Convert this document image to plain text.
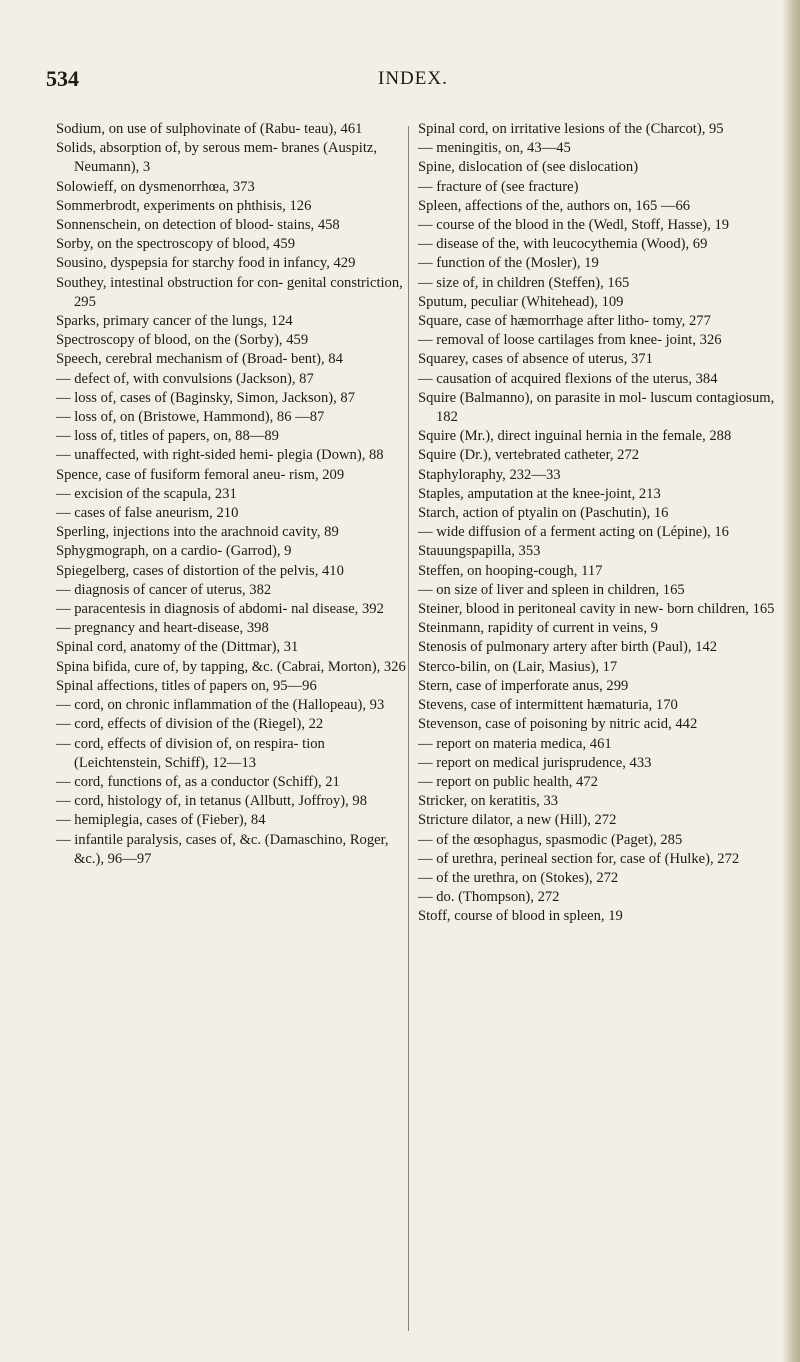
534	INDEX.

Sodium, on use of sulphovinate of (Rabu- teau), 461

Solids, absorption of, by serous mem- branes (Auspitz, Neumann), 3

Solowieff, on dysmenorrhœa, 373

Sommerbrodt, experiments on phthisis, 126

Sonnenschein, on detection of blood- stains, 458

Sorby, on the spectroscopy of blood, 459

Sousino, dyspepsia for starchy food in infancy, 429

Southey, intestinal obstruction for con- genital constriction, 295

Sparks, primary cancer of the lungs, 124

Spectroscopy of blood, on the (Sorby), 459

Speech, cerebral mechanism of (Broad- bent), 84

— defect of, with convulsions (Jackson), 87

— loss of, cases of (Baginsky, Simon, Jackson), 87

— loss of, on (Bristowe, Hammond), 86 —87

— loss of, titles of papers, on, 88—89

— unaffected, with right-sided hemi- plegia (Down), 88

Spence, case of fusiform femoral aneu- rism, 209

— excision of the scapula, 231

— cases of false aneurism, 210

Sperling, injections into the arachnoid cavity, 89

Sphygmograph, on a cardio- (Garrod), 9

Spiegelberg, cases of distortion of the pelvis, 410

— diagnosis of cancer of uterus, 382

— paracentesis in diagnosis of abdomi- nal disease, 392

— pregnancy and heart-disease, 398

Spinal cord, anatomy of the (Dittmar), 31

Spina bifida, cure of, by tapping, &c. (Cabrai, Morton), 326

Spinal affections, titles of papers on, 95—96

— cord, on chronic inflammation of the (Hallopeau), 93

— cord, effects of division of the (Riegel), 22

— cord, effects of division of, on respira- tion (Leichtenstein, Schiff), 12—13

— cord, functions of, as a conductor (Schiff), 21

— cord, histology of, in tetanus (Allbutt, Joffroy), 98

— hemiplegia, cases of (Fieber), 84

— infantile paralysis, cases of, &c. (Damaschino, Roger, &c.), 96—97

Spinal cord, on irritative lesions of the (Charcot), 95

— meningitis, on, 43—45

Spine, dislocation of (see dislocation)

— fracture of (see fracture)

Spleen, affections of the, authors on, 165 —66

— course of the blood in the (Wedl, Stoff, Hasse), 19

— disease of the, with leucocythemia (Wood), 69

— function of the (Mosler), 19

— size of, in children (Steffen), 165

Sputum, peculiar (Whitehead), 109

Square, case of hæmorrhage after litho- tomy, 277

— removal of loose cartilages from knee- joint, 326

Squarey, cases of absence of uterus, 371

— causation of acquired flexions of the uterus, 384

Squire (Balmanno), on parasite in mol- luscum contagiosum, 182

Squire (Mr.), direct inguinal hernia in the female, 288

Squire (Dr.), vertebrated catheter, 272

Staphyloraphy, 232—33

Staples, amputation at the knee-joint, 213

Starch, action of ptyalin on (Paschutin), 16

— wide diffusion of a ferment acting on (Lépine), 16

Stauungspapilla, 353

Steffen, on hooping-cough, 117

— on size of liver and spleen in children, 165

Steiner, blood in peritoneal cavity in new- born children, 165

Steinmann, rapidity of current in veins, 9

Stenosis of pulmonary artery after birth (Paul), 142

Sterco-bilin, on (Lair, Masius), 17

Stern, case of imperforate anus, 299

Stevens, case of intermittent hæmaturia, 170

Stevenson, case of poisoning by nitric acid, 442

— report on materia medica, 461

— report on medical jurisprudence, 433

— report on public health, 472

Stricker, on keratitis, 33

Stricture dilator, a new (Hill), 272

— of the œsophagus, spasmodic (Paget), 285

— of urethra, perineal section for, case of (Hulke), 272

— of the urethra, on (Stokes), 272

— do. (Thompson), 272

Stoff, course of blood in spleen, 19
